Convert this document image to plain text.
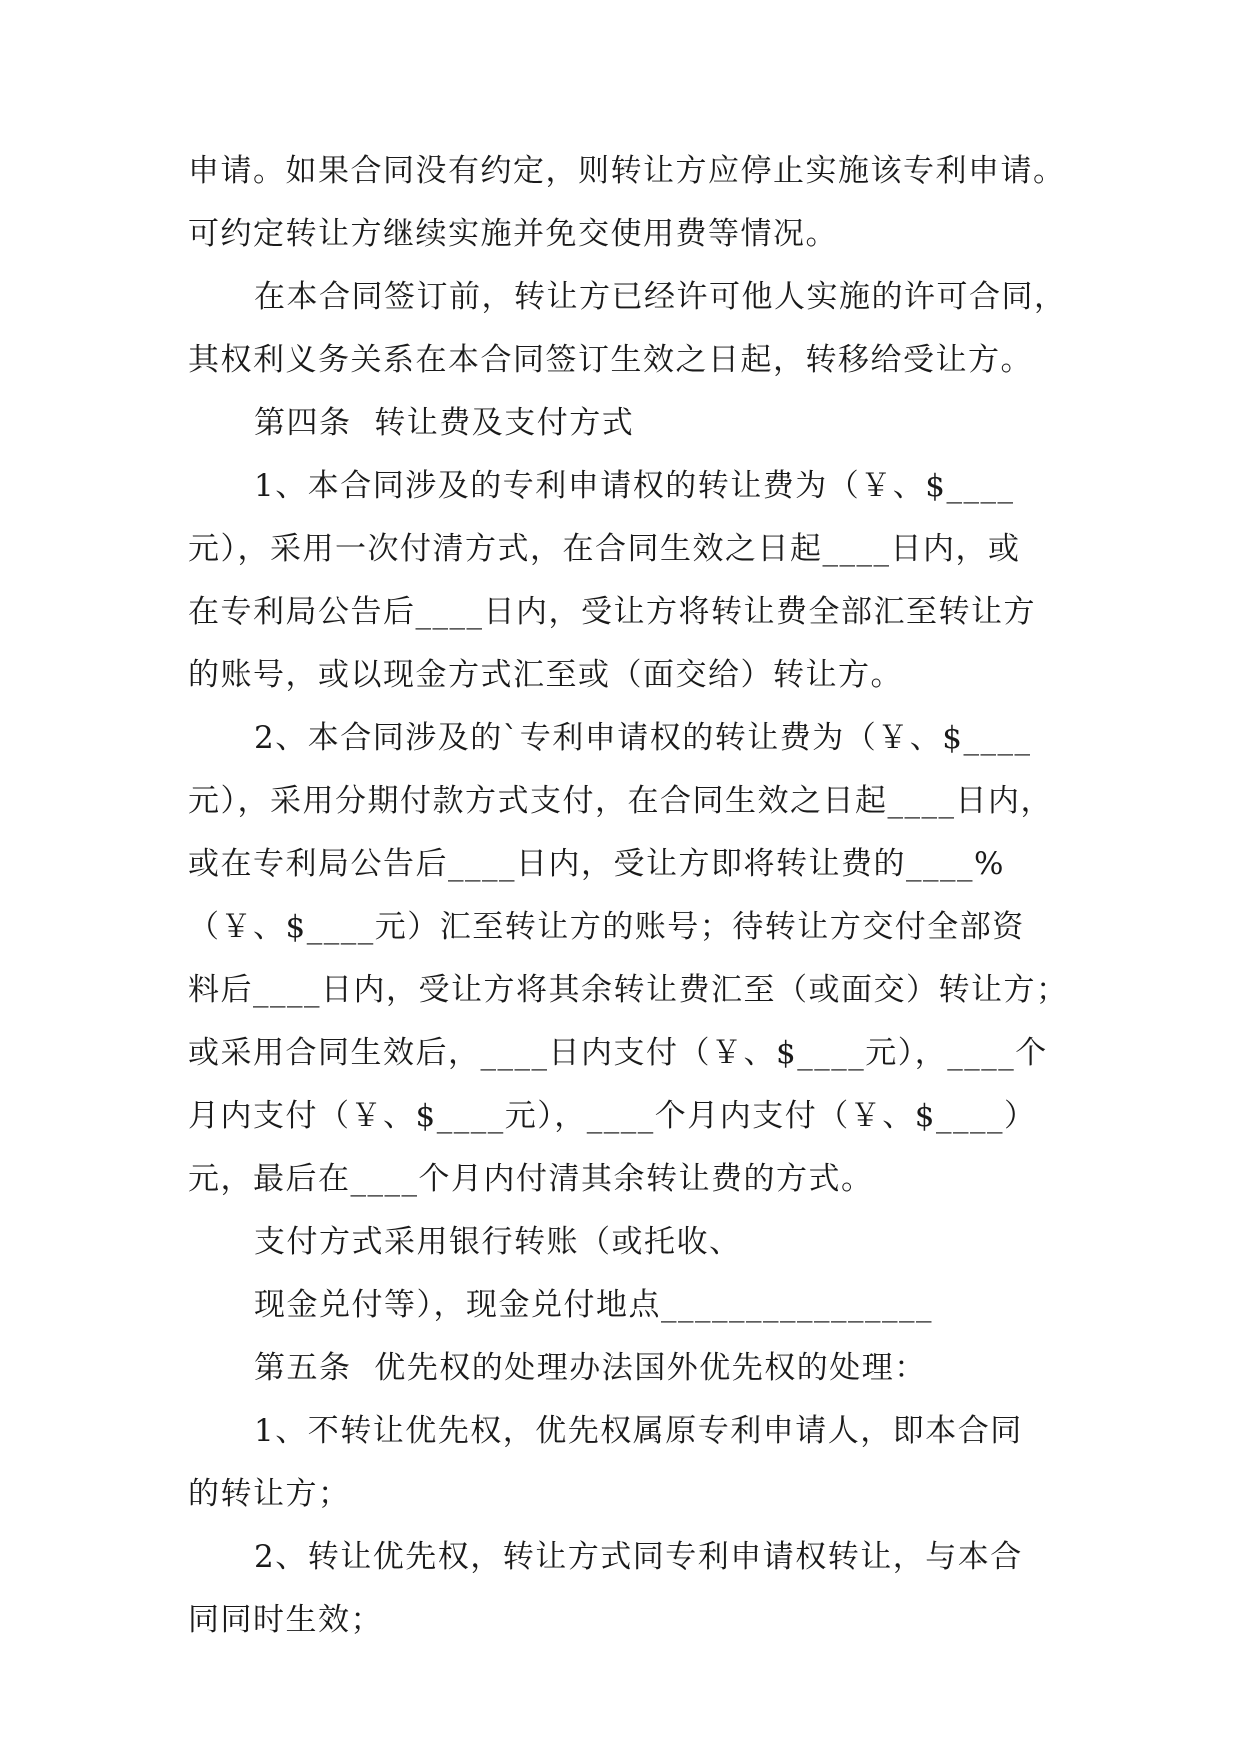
申请。如果合同没有约定，则转让方应停止实施该专利申请。
可约定转让方继续实施并免交使用费等情况。
在本合同签订前，转让方已经许可他人实施的许可合同，
其权利义务关系在本合同签订生效之日起，转移给受让方。
第四条  转让费及支付方式
1、本合同涉及的专利申请权的转让费为（￥、$____
元），采用一次付清方式，在合同生效之日起____日内，或
在专利局公告后____日内，受让方将转让费全部汇至转让方
的账号，或以现金方式汇至或（面交给）转让方。
2、本合同涉及的`专利申请权的转让费为（￥、$____
元），采用分期付款方式支付，在合同生效之日起____日内，
或在专利局公告后____日内，受让方即将转让费的____%
（￥、$____元）汇至转让方的账号；待转让方交付全部资
料后____日内，受让方将其余转让费汇至（或面交）转让方；
或采用合同生效后，____日内支付（￥、$____元），____个
月内支付（￥、$____元），____个月内支付（￥、$____）
元，最后在____个月内付清其余转让费的方式。
支付方式采用银行转账（或托收、
现金兑付等），现金兑付地点________________
第五条  优先权的处理办法国外优先权的处理：
1、不转让优先权，优先权属原专利申请人，即本合同
的转让方；
2、转让优先权，转让方式同专利申请权转让，与本合
同同时生效；
